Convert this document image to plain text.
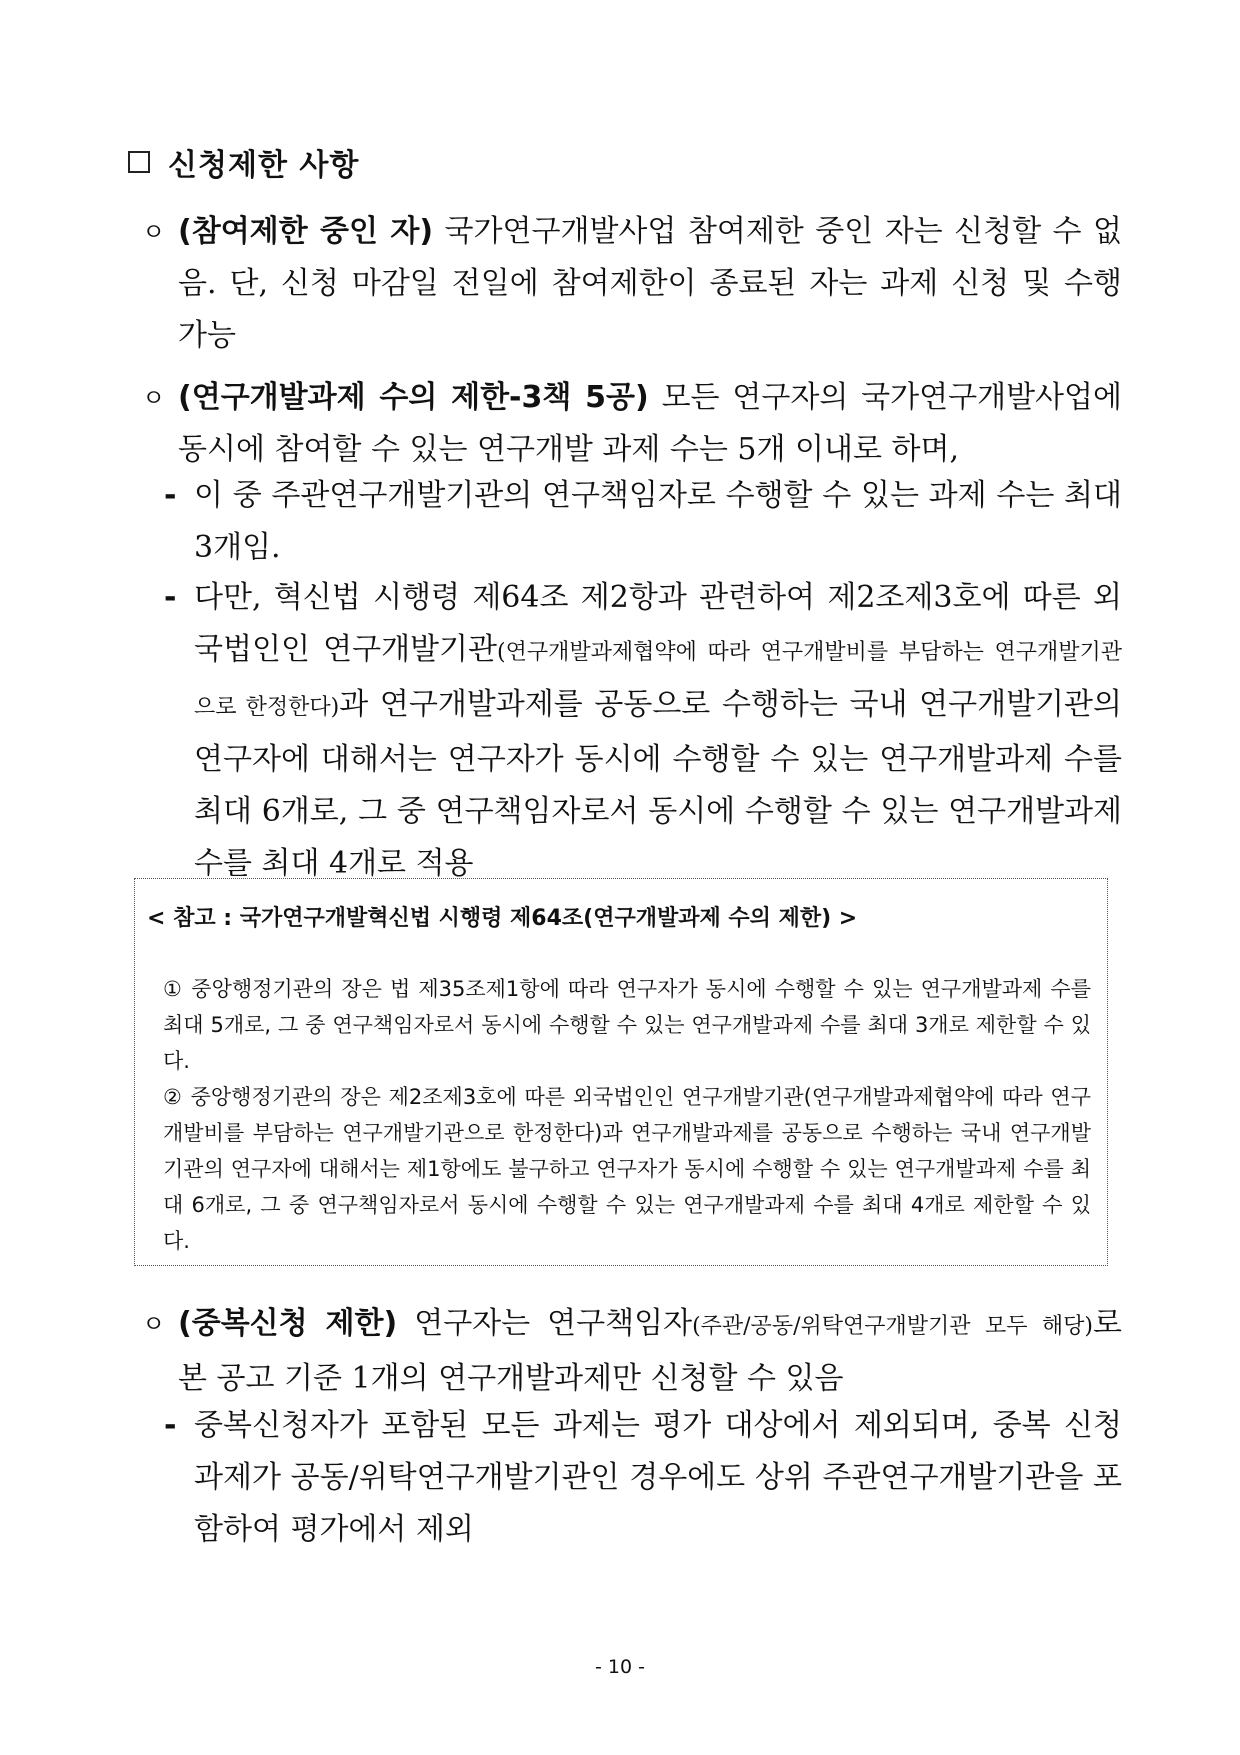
신청제한 사항
ㅇ (참여제한 중인 자) 국가연구개발사업 참여제한 중인 자는 신청할 수 없음. 단, 신청 마감일 전일에 참여제한이 종료된 자는 과제 신청 및 수행 가능
ㅇ (연구개발과제 수의 제한-3책 5공) 모든 연구자의 국가연구개발사업에 동시에 참여할 수 있는 연구개발 과제 수는 5개 이내로 하며,
- 이 중 주관연구개발기관의 연구책임자로 수행할 수 있는 과제 수는 최대 3개임.
- 다만, 혁신법 시행령 제64조 제2항과 관련하여 제2조제3호에 따른 외국법인인 연구개발기관(연구개발과제협약에 따라 연구개발비를 부담하는 연구개발기관으로 한정한다)과 연구개발과제를 공동으로 수행하는 국내 연구개발기관의 연구자에 대해서는 연구자가 동시에 수행할 수 있는 연구개발과제 수를 최대 6개로, 그 중 연구책임자로서 동시에 수행할 수 있는 연구개발과제 수를 최대 4개로 적용
< 참고 : 국가연구개발혁신법 시행령 제64조(연구개발과제 수의 제한) >

① 중앙행정기관의 장은 법 제35조제1항에 따라 연구자가 동시에 수행할 수 있는 연구개발과제 수를 최대 5개로, 그 중 연구책임자로서 동시에 수행할 수 있는 연구개발과제 수를 최대 3개로 제한할 수 있다.

② 중앙행정기관의 장은 제2조제3호에 따른 외국법인인 연구개발기관(연구개발과제협약에 따라 연구개발비를 부담하는 연구개발기관으로 한정한다)과 연구개발과제를 공동으로 수행하는 국내 연구개발기관의 연구자에 대해서는 제1항에도 불구하고 연구자가 동시에 수행할 수 있는 연구개발과제 수를 최대 6개로, 그 중 연구책임자로서 동시에 수행할 수 있는 연구개발과제 수를 최대 4개로 제한할 수 있다.

ㅇ (중복신청 제한) 연구자는 연구책임자(주관/공동/위탁연구개발기관 모두 해당)로 본 공고 기준 1개의 연구개발과제만 신청할 수 있음
- 중복신청자가 포함된 모든 과제는 평가 대상에서 제외되며, 중복 신청 과제가 공동/위탁연구개발기관인 경우에도 상위 주관연구개발기관을 포함하여 평가에서 제외
- 10 -
